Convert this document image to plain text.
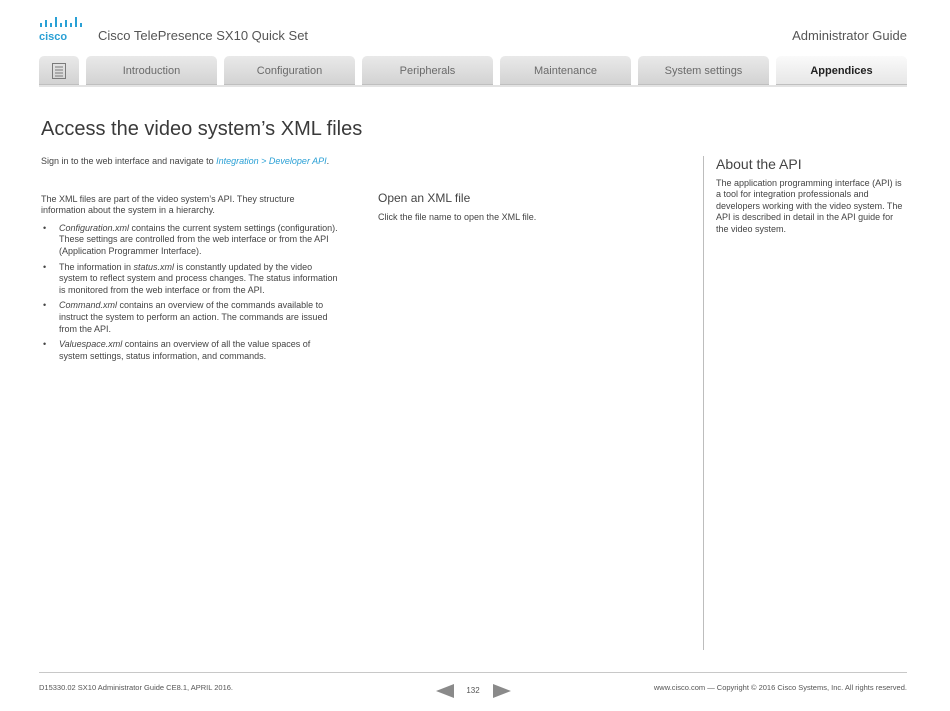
cisco Cisco TelePresence SX10 Quick Set	Administrator Guide
Introduction	Configuration	Peripherals	Maintenance	System settings	Appendices
Access the video system’s XML files

Sign in to the web interface and navigate to Integration > Developer API.

The XML files are part of the video system’s API. They structure information about the system in a hierarchy.

• Configuration.xml contains the current system settings (configuration). These settings are controlled from the web interface or from the API (Application Programmer Interface).
• The information in status.xml is constantly updated by the video system to reflect system and process changes. The status information is monitored from the web interface or from the API.
• Command.xml contains an overview of the commands available to instruct the system to perform an action. The commands are issued from the API.
• Valuespace.xml contains an overview of all the value spaces of system settings, status information, and commands.
Open an XML file

Click the file name to open the XML file.

About the API

The application programming interface (API) is a tool for integration professionals and developers working with the video system. The API is described in detail in the API guide for the video system.

D15330.02 SX10 Administrator Guide CE8.1, APRIL 2016.	132	www.cisco.com — Copyright © 2016 Cisco Systems, Inc. All rights reserved.
